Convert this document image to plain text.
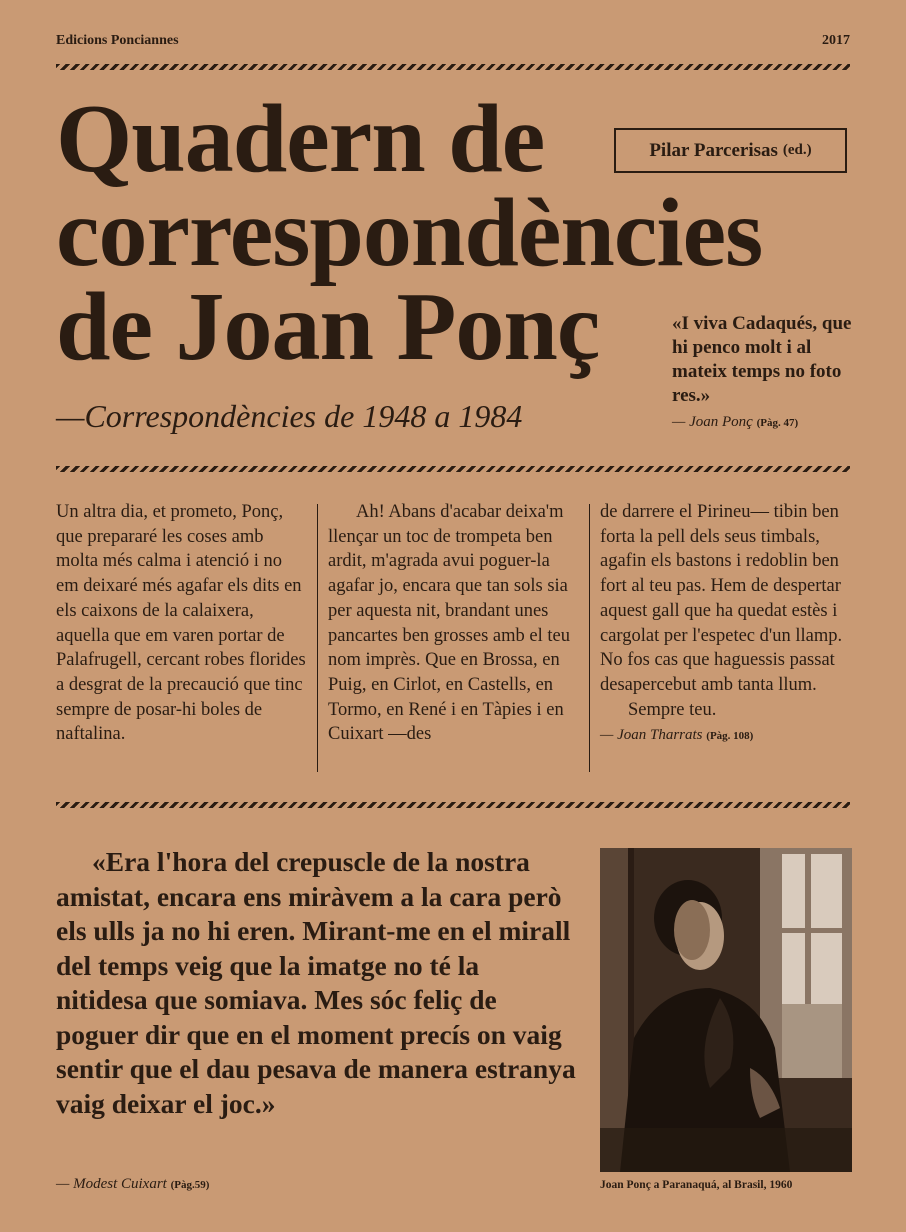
Edicions Ponciannes	2017
Quadern de
correspondències
de Joan Ponç
Pilar Parcerisas (ed.)
—Correspondències de 1948 a 1984
«I viva Cadaqués, que hi penco molt i al mateix temps no foto res.»
— Joan Ponç (Pàg. 47)
Un altra dia, et prometo, Ponç, que prepararé les coses amb molta més calma i atenció i no em deixaré més agafar els dits en els caixons de la calaixera, aquella que em varen portar de Palafrugell, cercant robes florides a desgrat de la precaució que tinc sempre de posar-hi boles de naftalina.
Ah! Abans d'acabar deixa'm llençar un toc de trompeta ben ardit, m'agrada avui poguer-la agafar jo, encara que tan sols sia per aquesta nit, brandant unes pancartes ben grosses amb el teu nom imprès. Que en Brossa, en Puig, en Cirlot, en Castells, en Tormo, en René i en Tàpies i en Cuixart —des
de darrere el Pirineu— tibin ben forta la pell dels seus timbals, agafin els bastons i redoblin ben fort al teu pas. Hem de despertar aquest gall que ha quedat estès i cargolat per l'espetec d'un llamp. No fos cas que haguessis passat desapercebut amb tanta llum.
Sempre teu.
— Joan Tharrats (Pàg. 108)

«Era l'hora del crepuscle de la nostra amistat, encara ens miràvem a la cara però els ulls ja no hi eren. Mirant-me en el mirall del temps veig que la imatge no té la nitidesa que somiava. Mes sóc feliç de poguer dir que en el moment precís on vaig sentir que el dau pesava de manera estranya vaig deixar el joc.»

— Modest Cuixart (Pàg.59)	Joan Ponç a Paranaquá, al Brasil, 1960
